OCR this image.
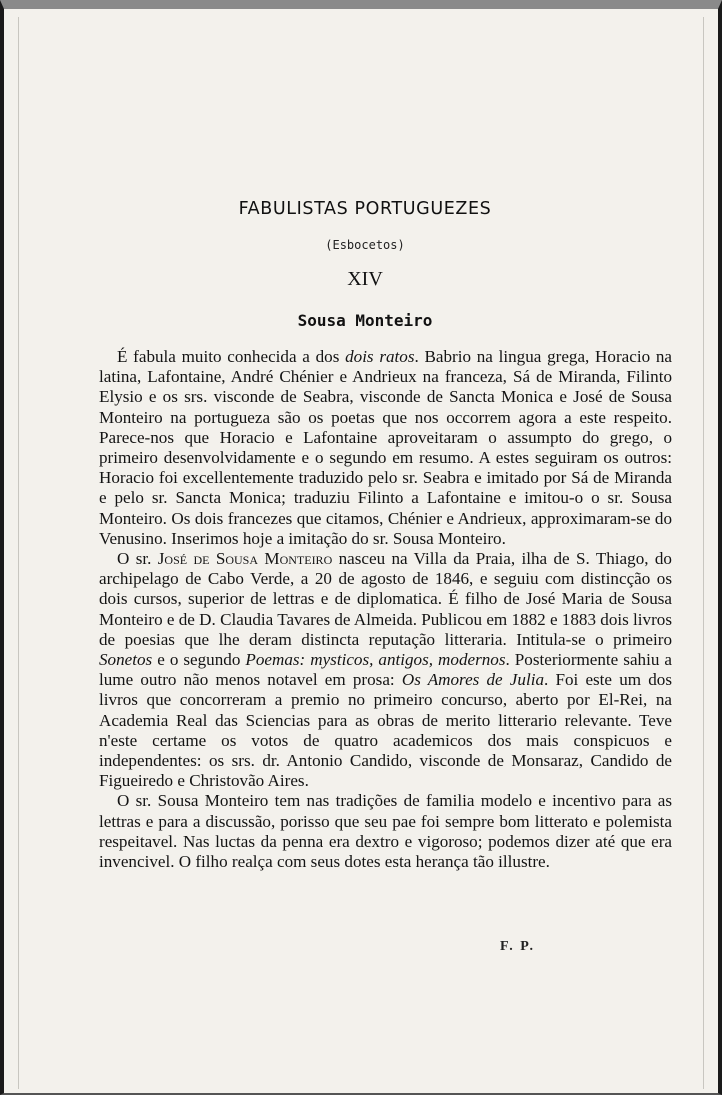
FABULISTAS PORTUGUEZES
(Esbocetos)
XIV
Sousa Monteiro

É fabula muito conhecida a dos dois ratos. Babrio na lingua grega, Horacio na latina, Lafontaine, André Chénier e Andrieux na franceza, Sá de Miranda, Filinto Elysio e os srs. visconde de Seabra, visconde de Sancta Monica e José de Sousa Monteiro na portugueza são os poetas que nos occorrem agora a este respeito. Parece-nos que Horacio e Lafontaine aproveitaram o assumpto do grego, o primeiro desenvolvidamente e o segundo em resumo. A estes seguiram os outros: Horacio foi excellentemente traduzido pelo sr. Seabra e imitado por Sá de Miranda e pelo sr. Sancta Monica; traduziu Filinto a Lafontaine e imitou-o o sr. Sousa Monteiro. Os dois francezes que citamos, Chénier e Andrieux, approximaram-se do Venusino. Inserimos hoje a imitação do sr. Sousa Monteiro.

O sr. José de Sousa Monteiro nasceu na Villa da Praia, ilha de S. Thiago, do archipelago de Cabo Verde, a 20 de agosto de 1846, e seguiu com distincção os dois cursos, superior de lettras e de diplomatica. É filho de José Maria de Sousa Monteiro e de D. Claudia Tavares de Almeida. Publicou em 1882 e 1883 dois livros de poesias que lhe deram distincta reputação litteraria. Intitula-se o primeiro Sonetos e o segundo Poemas: mysticos, antigos, modernos. Posteriormente sahiu a lume outro não menos notavel em prosa: Os Amores de Julia. Foi este um dos livros que concorreram a premio no primeiro concurso, aberto por El-Rei, na Academia Real das Sciencias para as obras de merito litterario relevante. Teve n'este certame os votos de quatro academicos dos mais conspicuos e independentes: os srs. dr. Antonio Candido, visconde de Monsaraz, Candido de Figueiredo e Christovão Aires.

O sr. Sousa Monteiro tem nas tradições de familia modelo e incentivo para as lettras e para a discussão, porisso que seu pae foi sempre bom litterato e polemista respeitavel. Nas luctas da penna era dextro e vigoroso; podemos dizer até que era invencivel. O filho realça com seus dotes esta herança tão illustre.

F. P.
